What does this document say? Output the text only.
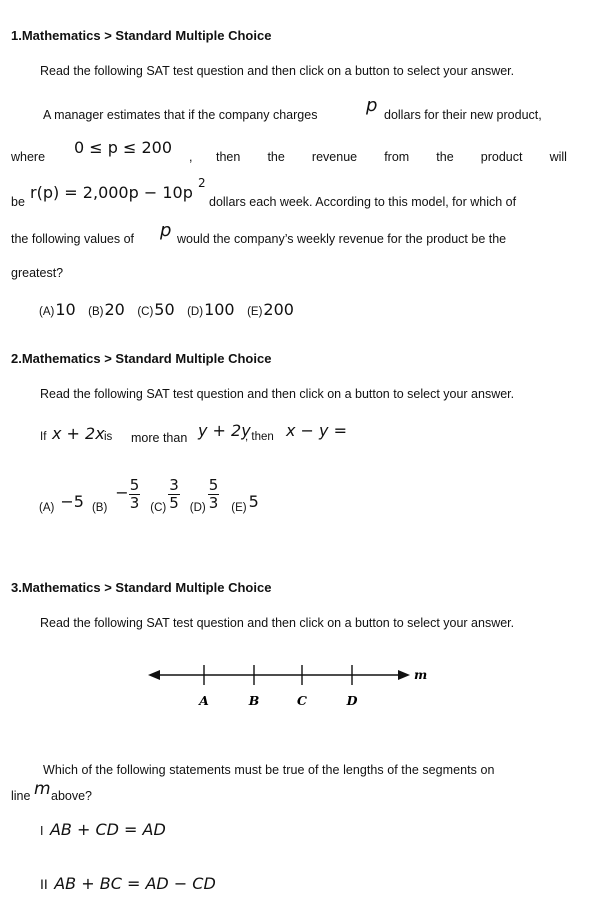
1.Mathematics > Standard Multiple Choice
Read the following SAT test question and then click on a button to select your answer.
A manager estimates that if the company charges	p dollars for their new product,
where 0 ≤ p ≤ 200 , then the revenue from the product will
be r(p) = 2,000p − 10p 2
dollars each week. According to this model, for which of
the following values of p would the company’s weekly revenue for the product be the
greatest?
(A)10 (B)20 (C)50 (D)100 (E)200
2.Mathematics > Standard Multiple Choice
Read the following SAT test question and then click on a button to select your answer.
If x + 2x is more than y + 2y
, then x − y =
(A) −5 (B)
− $\frac{5}{3} (C) \frac{3}{5} (D) \frac{5}{3} (E)$ 5
3.Mathematics > Standard Multiple Choice
Read the following SAT test question and then click on a button to select your answer.
A	B	C	D
m
Which of the following statements must be true of the lengths of the segments on
line m above?
I AB + CD = AD
II AB + BC = AD − CD
